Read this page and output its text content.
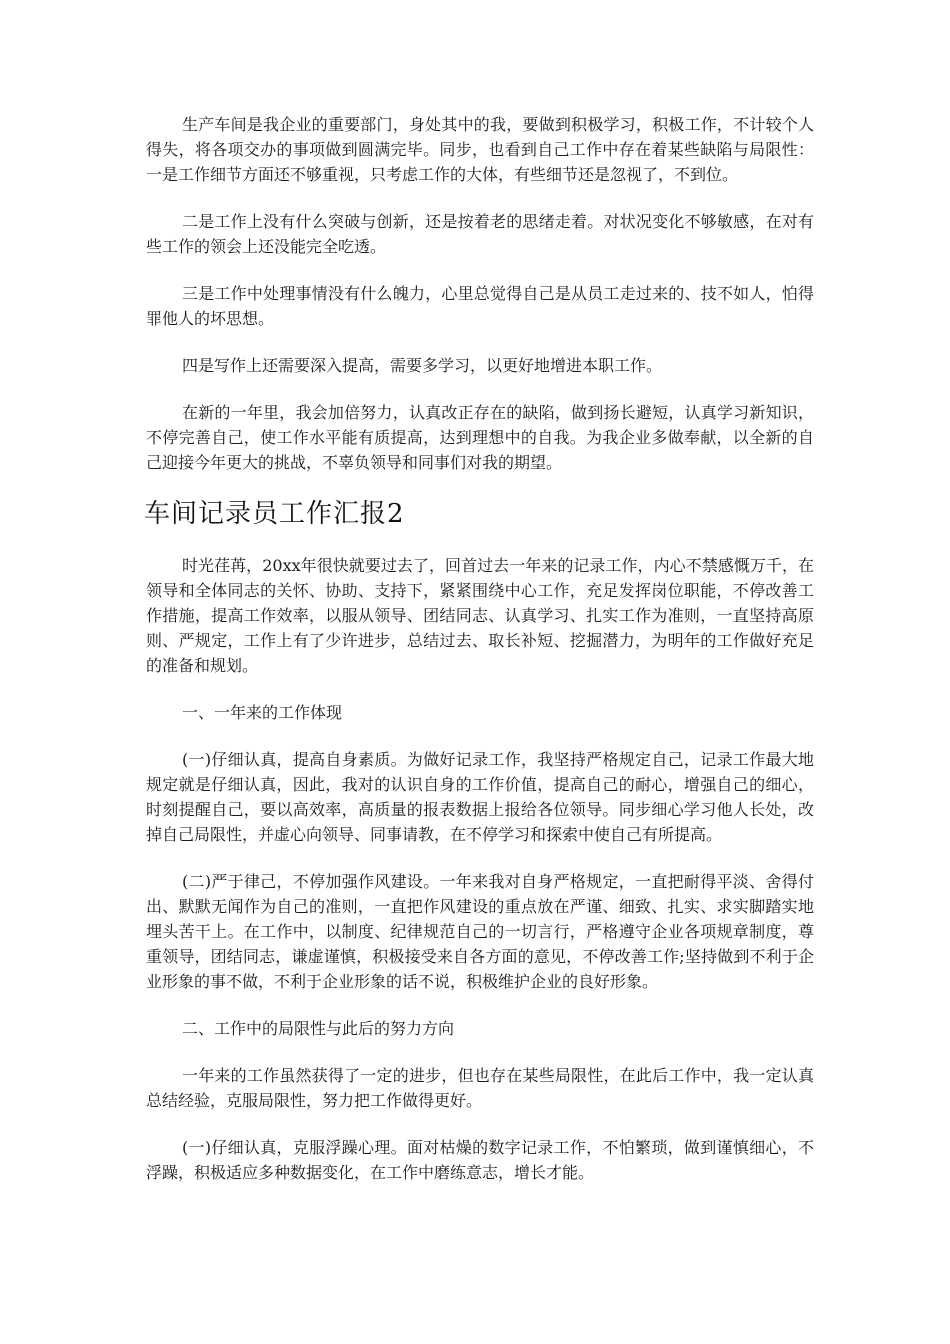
生产车间是我企业的重要部门，身处其中的我，要做到积极学习，积极工作，不计较个人得失，将各项交办的事项做到圆满完毕。同步，也看到自己工作中存在着某些缺陷与局限性：一是工作细节方面还不够重视，只考虑工作的大体，有些细节还是忽视了，不到位。

二是工作上没有什么突破与创新，还是按着老的思绪走着。对状况变化不够敏感，在对有些工作的领会上还没能完全吃透。

三是工作中处理事情没有什么魄力，心里总觉得自己是从员工走过来的、技不如人，怕得罪他人的坏思想。

四是写作上还需要深入提高，需要多学习，以更好地增进本职工作。

在新的一年里，我会加倍努力，认真改正存在的缺陷，做到扬长避短，认真学习新知识，不停完善自己，使工作水平能有质提高，达到理想中的自我。为我企业多做奉献，以全新的自己迎接今年更大的挑战，不辜负领导和同事们对我的期望。

车间记录员工作汇报2

时光荏苒，20xx年很快就要过去了，回首过去一年来的记录工作，内心不禁感慨万千，在领导和全体同志的关怀、协助、支持下，紧紧围绕中心工作，充足发挥岗位职能，不停改善工作措施，提高工作效率，以服从领导、团结同志、认真学习、扎实工作为准则，一直坚持高原则、严规定，工作上有了少许进步，总结过去、取长补短、挖掘潜力，为明年的工作做好充足的准备和规划。

一、一年来的工作体现

(一)仔细认真，提高自身素质。为做好记录工作，我坚持严格规定自己，记录工作最大地规定就是仔细认真，因此，我对的认识自身的工作价值，提高自己的耐心，增强自己的细心，时刻提醒自己，要以高效率，高质量的报表数据上报给各位领导。同步细心学习他人长处，改掉自己局限性，并虚心向领导、同事请教，在不停学习和探索中使自己有所提高。

(二)严于律己，不停加强作风建设。一年来我对自身严格规定，一直把耐得平淡、舍得付出、默默无闻作为自己的准则，一直把作风建设的重点放在严谨、细致、扎实、求实脚踏实地埋头苦干上。在工作中，以制度、纪律规范自己的一切言行，严格遵守企业各项规章制度，尊重领导，团结同志，谦虚谨慎，积极接受来自各方面的意见，不停改善工作;坚持做到不利于企业形象的事不做，不利于企业形象的话不说，积极维护企业的良好形象。

二、工作中的局限性与此后的努力方向

一年来的工作虽然获得了一定的进步，但也存在某些局限性，在此后工作中，我一定认真总结经验，克服局限性，努力把工作做得更好。

(一)仔细认真，克服浮躁心理。面对枯燥的数字记录工作，不怕繁琐，做到谨慎细心，不浮躁，积极适应多种数据变化，在工作中磨练意志，增长才能。
